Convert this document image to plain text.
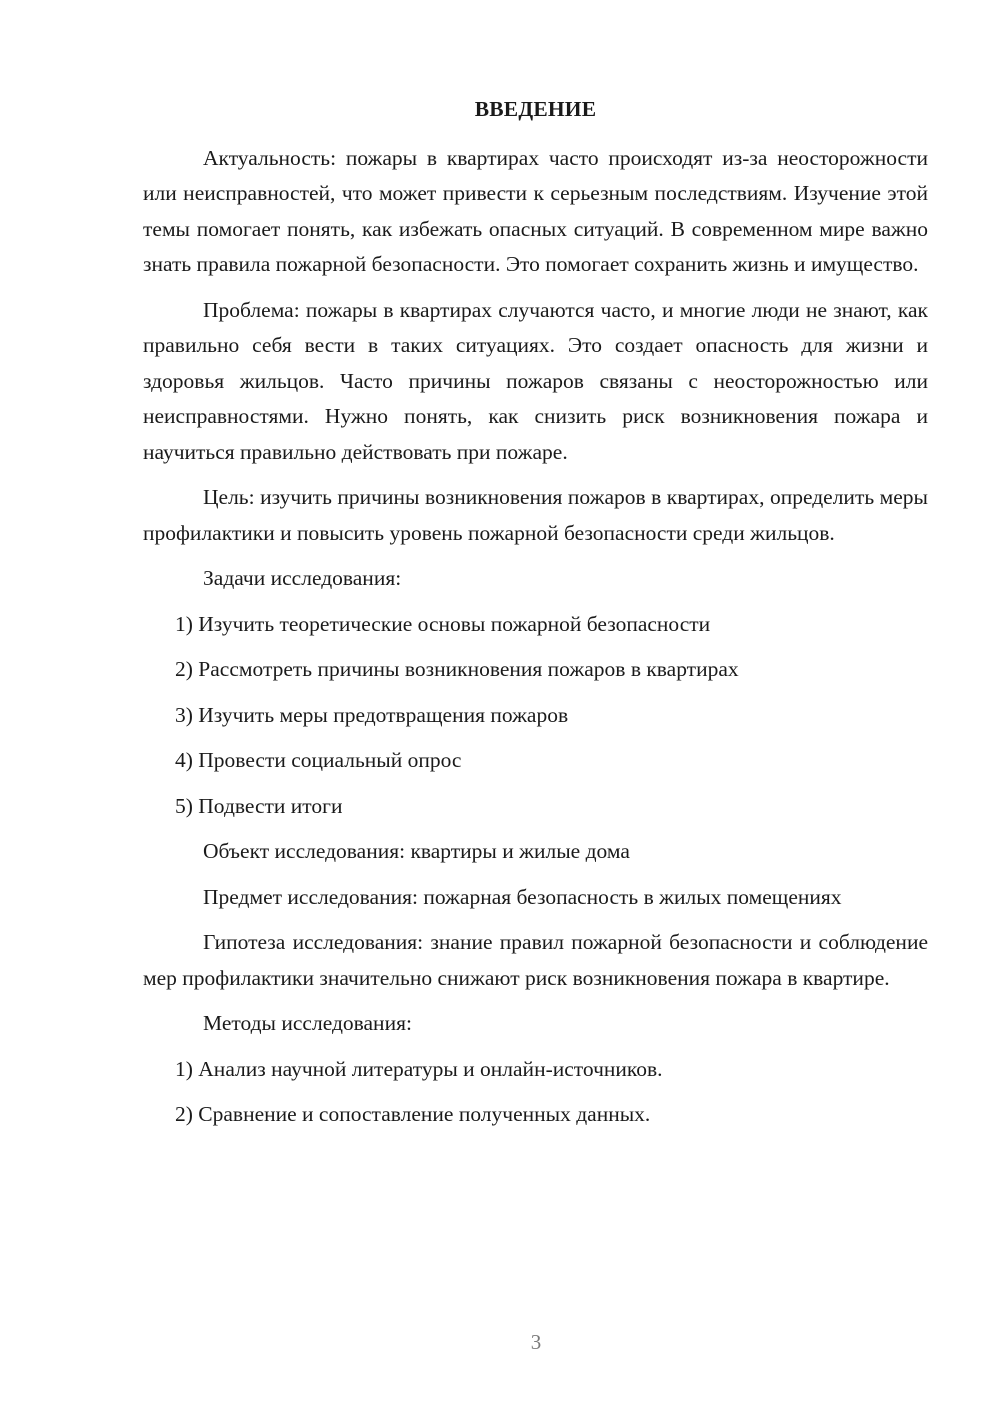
ВВЕДЕНИЕ

Актуальность: пожары в квартирах часто происходят из-за неосторожности или неисправностей, что может привести к серьезным последствиям. Изучение этой темы помогает понять, как избежать опасных ситуаций. В современном мире важно знать правила пожарной безопасности. Это помогает сохранить жизнь и имущество.

Проблема: пожары в квартирах случаются часто, и многие люди не знают, как правильно себя вести в таких ситуациях. Это создает опасность для жизни и здоровья жильцов. Часто причины пожаров связаны с неосторожностью или неисправностями. Нужно понять, как снизить риск возникновения пожара и научиться правильно действовать при пожаре.

Цель: изучить причины возникновения пожаров в квартирах, определить меры профилактики и повысить уровень пожарной безопасности среди жильцов.

Задачи исследования:

1) Изучить теоретические основы пожарной безопасности

2) Рассмотреть причины возникновения пожаров в квартирах

3) Изучить меры предотвращения пожаров

4) Провести социальный опрос

5) Подвести итоги

Объект исследования: квартиры и жилые дома

Предмет исследования: пожарная безопасность в жилых помещениях

Гипотеза исследования: знание правил пожарной безопасности и соблюдение мер профилактики значительно снижают риск возникновения пожара в квартире.

Методы исследования:

1) Анализ научной литературы и онлайн-источников.

2) Сравнение и сопоставление полученных данных.

3
